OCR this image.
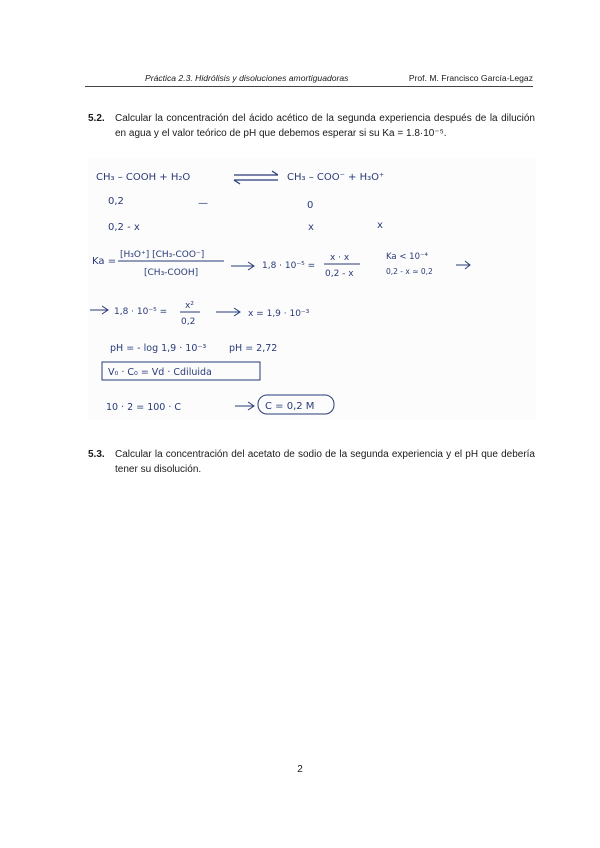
Práctica 2.3. Hidrólisis y disoluciones amortiguadoras	Prof. M. Francisco García-Legaz
5.2. Calcular la concentración del ácido acético de la segunda experiencia después de la dilución en agua y el valor teórico de pH que debemos esperar si su Ka = 1.8·10⁻⁵.
CH₃ – COOH + H₂O	CH₃ – COO⁻ + H₃O⁺
0,2	—	0
0,2 - x	x	x
Ka =
[H₃O⁺] [CH₃-COO⁻]
[CH₃-COOH]
1,8 · 10⁻⁵ =
x · x
0,2 - x
Ka < 10⁻⁴
0,2 - x ≈ 0,2
1,8 · 10⁻⁵ =
x²
0,2
x = 1,9 · 10⁻³
pH = - log 1,9 · 10⁻³ pH = 2,72
V₀ · C₀ = Vd · Cdiluida
10 · 2 = 100 · C	C = 0,2 M
5.3. Calcular la concentración del acetato de sodio de la segunda experiencia y el pH que debería tener su disolución.
2
